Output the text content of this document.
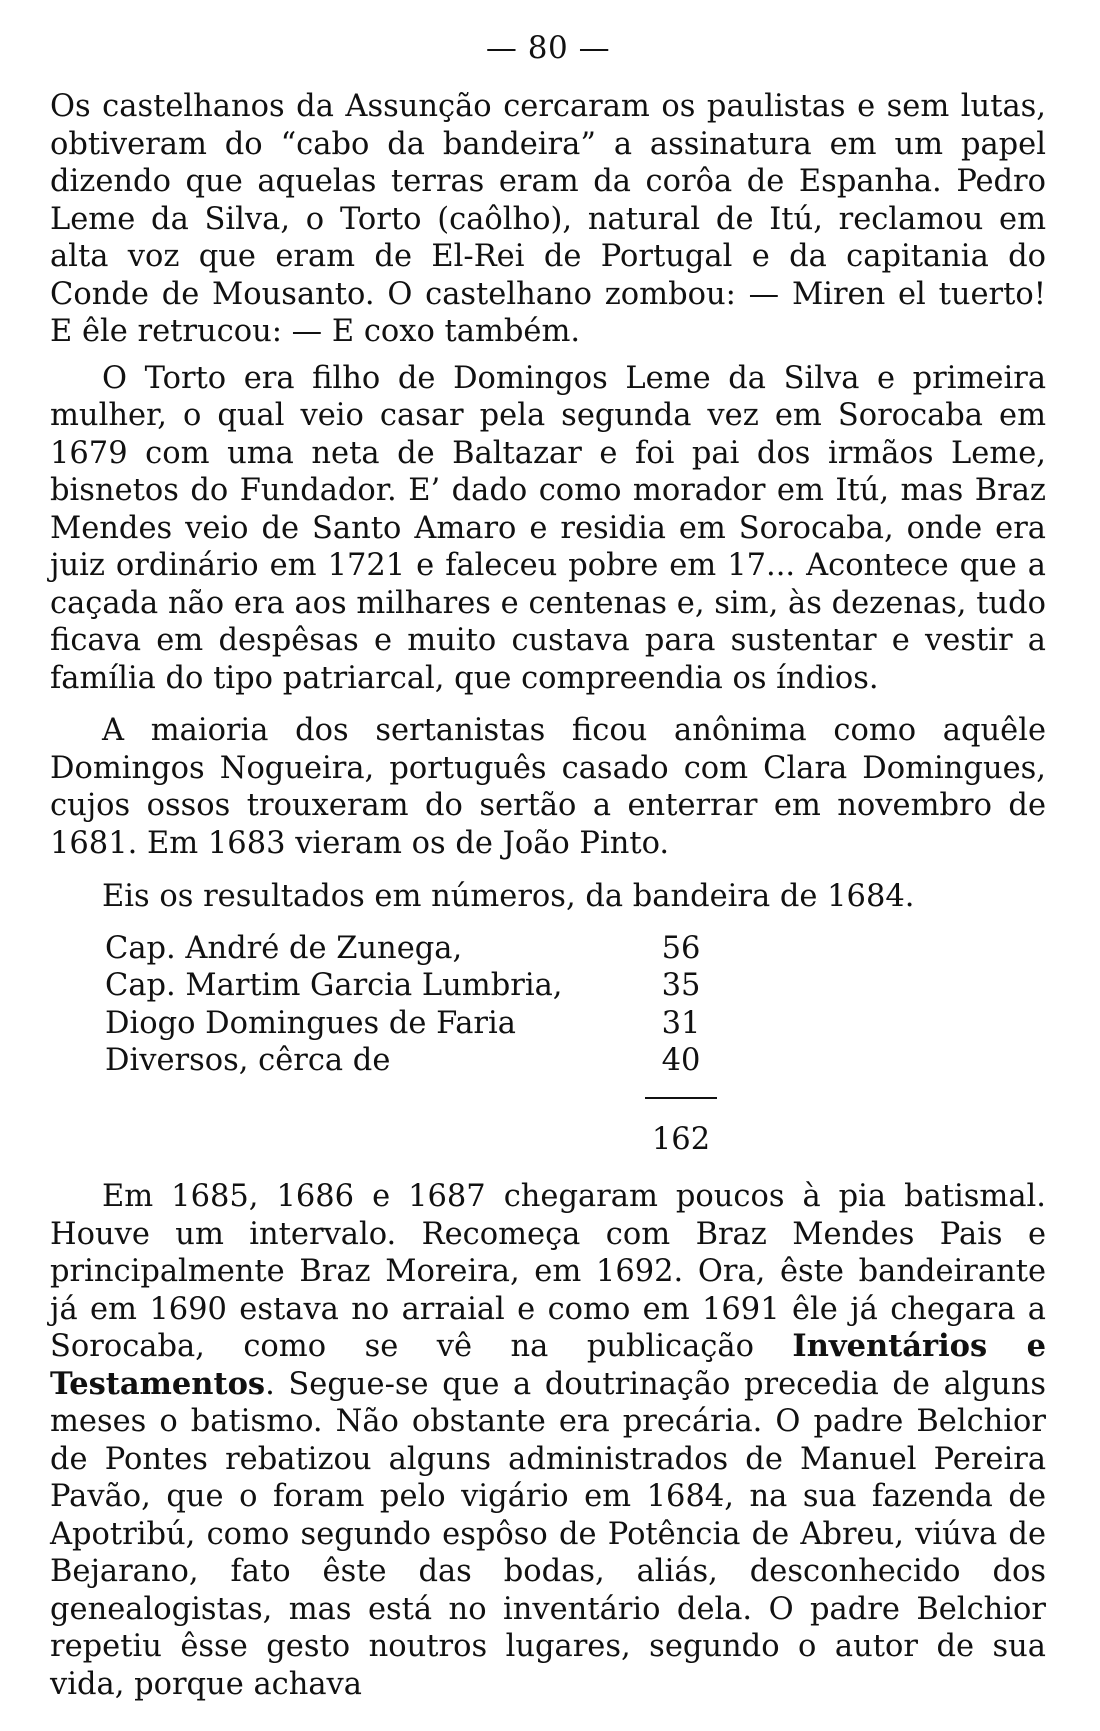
— 80 —

Os castelhanos da Assunção cercaram os paulistas e sem lutas, obtiveram do “cabo da bandeira” a assinatura em um papel dizendo que aquelas terras eram da corôa de Espanha. Pedro Leme da Silva, o Torto (caôlho), natural de Itú, reclamou em alta voz que eram de El-Rei de Portugal e da capitania do Conde de Mousanto. O castelhano zombou: — Miren el tuerto! E êle retrucou: — E coxo também.

O Torto era filho de Domingos Leme da Silva e primeira mulher, o qual veio casar pela segunda vez em Sorocaba em 1679 com uma neta de Baltazar e foi pai dos irmãos Leme, bisnetos do Fundador. E’ dado como morador em Itú, mas Braz Mendes veio de Santo Amaro e residia em Sorocaba, onde era juiz ordinário em 1721 e faleceu pobre em 17... Acontece que a caçada não era aos milhares e centenas e, sim, às dezenas, tudo ficava em despêsas e muito custava para sustentar e vestir a família do tipo patriarcal, que compreendia os índios.

A maioria dos sertanistas ficou anônima como aquêle Domingos Nogueira, português casado com Clara Domingues, cujos ossos trouxeram do sertão a enterrar em novembro de 1681. Em 1683 vieram os de João Pinto.

Eis os resultados em números, da bandeira de 1684.
Cap. André de Zunega,	56
Cap. Martim Garcia Lumbria,	35
Diogo Domingues de Faria	31
Diversos, cêrca de	40

	162

Em 1685, 1686 e 1687 chegaram poucos à pia batismal. Houve um intervalo. Recomeça com Braz Mendes Pais e principalmente Braz Moreira, em 1692. Ora, êste bandeirante já em 1690 estava no arraial e como em 1691 êle já chegara a Sorocaba, como se vê na publicação Inventários e Testamentos. Segue-se que a doutrinação precedia de alguns meses o batismo. Não obstante era precária. O padre Belchior de Pontes rebatizou alguns administrados de Manuel Pereira Pavão, que o foram pelo vigário em 1684, na sua fazenda de Apotribú, como segundo espôso de Potência de Abreu, viúva de Bejarano, fato êste das bodas, aliás, desconhecido dos genealogistas, mas está no inventário dela. O padre Belchior repetiu êsse gesto noutros lugares, segundo o autor de sua vida, porque achava
